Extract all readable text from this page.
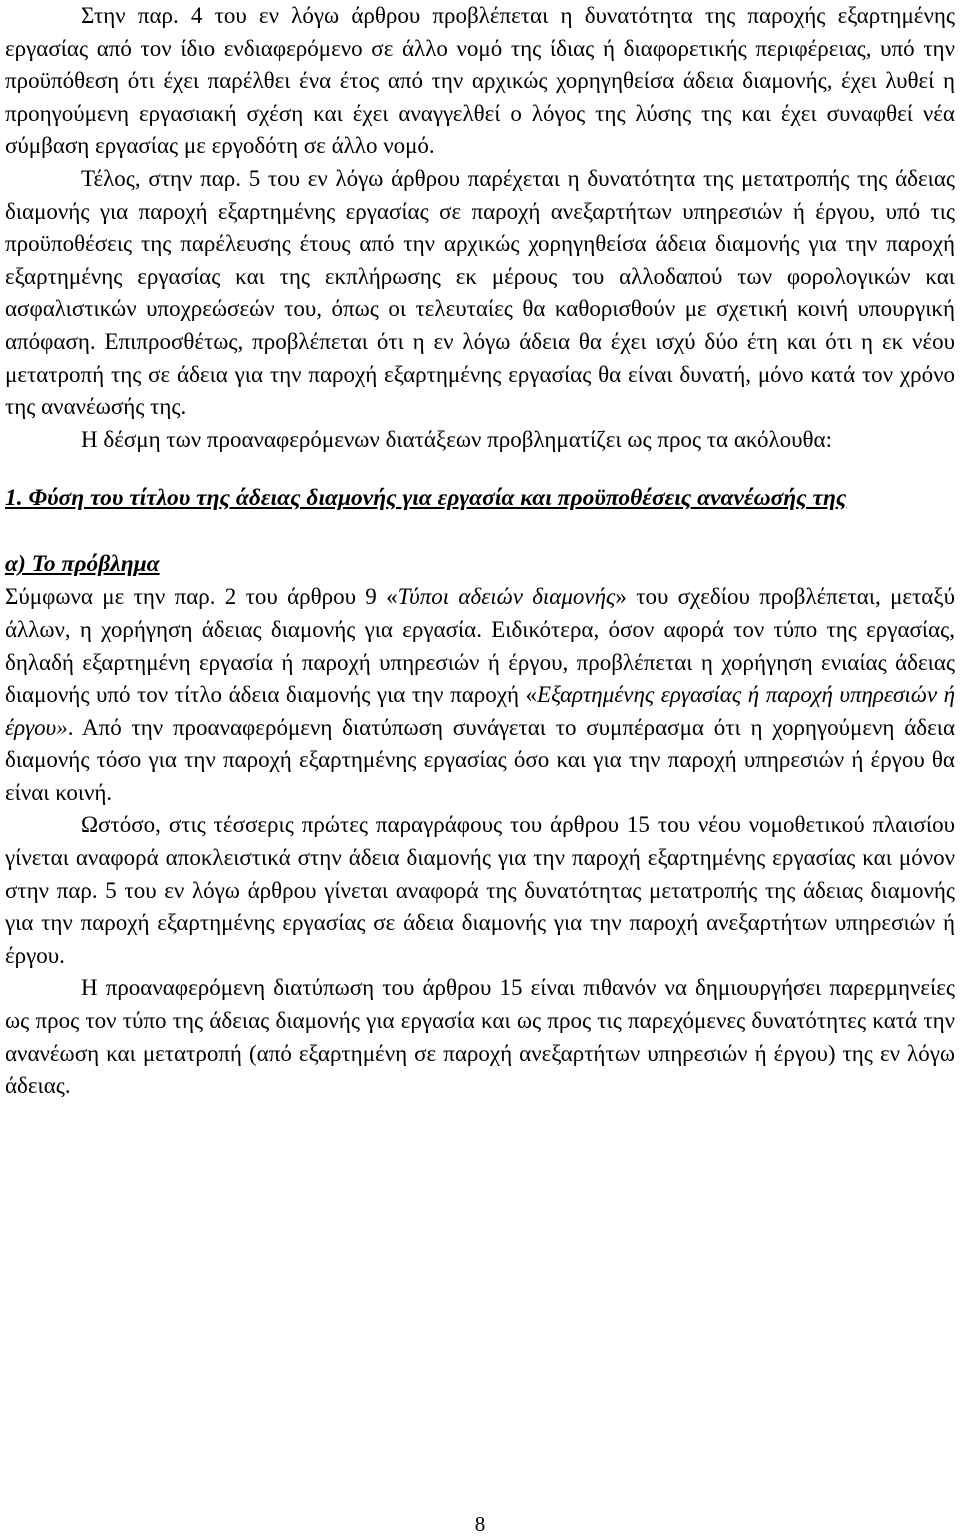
Στην παρ. 4 του εν λόγω άρθρου προβλέπεται η δυνατότητα της παροχής εξαρτημένης εργασίας από τον ίδιο ενδιαφερόμενο σε άλλο νομό της ίδιας ή διαφορετικής περιφέρειας, υπό την προϋπόθεση ότι έχει παρέλθει ένα έτος από την αρχικώς χορηγηθείσα άδεια διαμονής, έχει λυθεί η προηγούμενη εργασιακή σχέση και έχει αναγγελθεί ο λόγος της λύσης της και έχει συναφθεί νέα σύμβαση εργασίας με εργοδότη σε άλλο νομό.

Τέλος, στην παρ. 5 του εν λόγω άρθρου παρέχεται η δυνατότητα της μετατροπής της άδειας διαμονής για παροχή εξαρτημένης εργασίας σε παροχή ανεξαρτήτων υπηρεσιών ή έργου, υπό τις προϋποθέσεις της παρέλευσης έτους από την αρχικώς χορηγηθείσα άδεια διαμονής για την παροχή εξαρτημένης εργασίας και της εκπλήρωσης εκ μέρους του αλλοδαπού των φορολογικών και ασφαλιστικών υποχρεώσεών του, όπως οι τελευταίες θα καθορισθούν με σχετική κοινή υπουργική απόφαση. Επιπροσθέτως, προβλέπεται ότι η εν λόγω άδεια θα έχει ισχύ δύο έτη και ότι η εκ νέου μετατροπή της σε άδεια για την παροχή εξαρτημένης εργασίας θα είναι δυνατή, μόνο κατά τον χρόνο της ανανέωσής της.

Η δέσμη των προαναφερόμενων διατάξεων προβληματίζει ως προς τα ακόλουθα:

1. Φύση του τίτλου της άδειας διαμονής για εργασία και προϋποθέσεις ανανέωσής της

α) Το πρόβλημα

Σύμφωνα με την παρ. 2 του άρθρου 9 «Τύποι αδειών διαμονής» του σχεδίου προβλέπεται, μεταξύ άλλων, η χορήγηση άδειας διαμονής για εργασία. Ειδικότερα, όσον αφορά τον τύπο της εργασίας, δηλαδή εξαρτημένη εργασία ή παροχή υπηρεσιών ή έργου, προβλέπεται η χορήγηση ενιαίας άδειας διαμονής υπό τον τίτλο άδεια διαμονής για την παροχή «Εξαρτημένης εργασίας ή παροχή υπηρεσιών ή έργου». Από την προαναφερόμενη διατύπωση συνάγεται το συμπέρασμα ότι η χορηγούμενη άδεια διαμονής τόσο για την παροχή εξαρτημένης εργασίας όσο και για την παροχή υπηρεσιών ή έργου θα είναι κοινή.

Ωστόσο, στις τέσσερις πρώτες παραγράφους του άρθρου 15 του νέου νομοθετικού πλαισίου γίνεται αναφορά αποκλειστικά στην άδεια διαμονής για την παροχή εξαρτημένης εργασίας και μόνον στην παρ. 5 του εν λόγω άρθρου γίνεται αναφορά της δυνατότητας μετατροπής της άδειας διαμονής για την παροχή εξαρτημένης εργασίας σε άδεια διαμονής για την παροχή ανεξαρτήτων υπηρεσιών ή έργου.

Η προαναφερόμενη διατύπωση του άρθρου 15 είναι πιθανόν να δημιουργήσει παρερμηνείες ως προς τον τύπο της άδειας διαμονής για εργασία και ως προς τις παρεχόμενες δυνατότητες κατά την ανανέωση και μετατροπή (από εξαρτημένη σε παροχή ανεξαρτήτων υπηρεσιών ή έργου) της εν λόγω άδειας.

8
